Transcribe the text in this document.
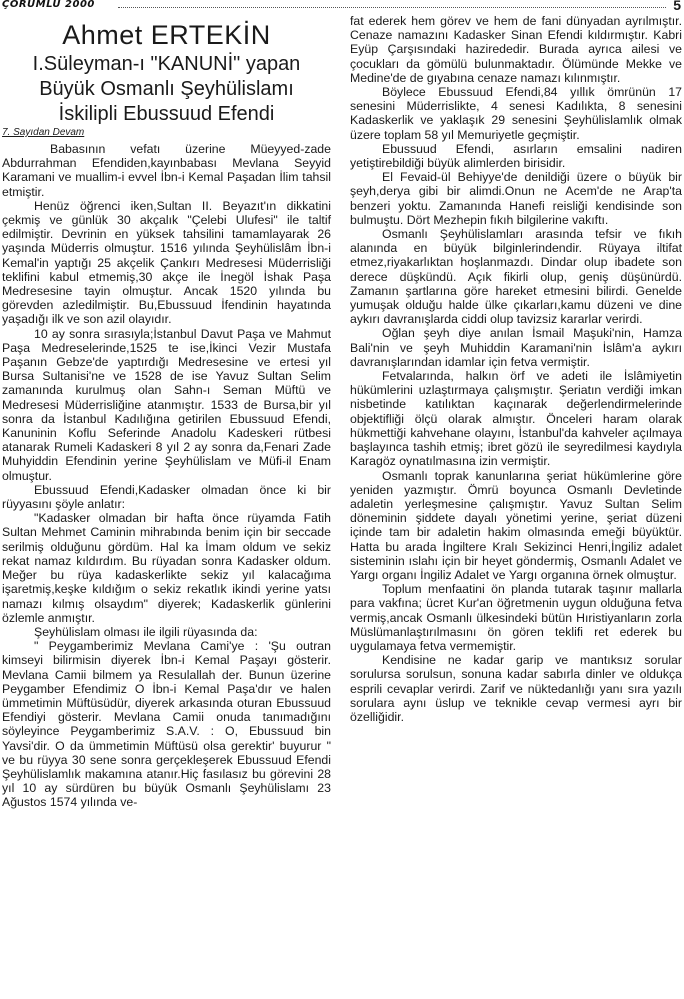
ÇORUMLU 2000	5
Ahmet ERTEKİN
I.Süleyman-ı "KANUNİ" yapan
Büyük Osmanlı Şeyhülislamı
İskilipli Ebussuud Efendi
7. Sayıdan Devam

Babasının vefatı üzerine Müeyyed-zade Abdurrahman Efendiden,kayınbabası Mevlana Seyyid Karamani ve muallim-i evvel İbn-i Kemal Paşadan İlim tahsil etmiştir.

Henüz öğrenci iken,Sultan II. Beyazıt'ın dikkatini çekmiş ve günlük 30 akçalık "Çelebi Ulufesi" ile taltif edilmiştir. Devrinin en yüksek tahsilini tamamlayarak 26 yaşında Müderris olmuştur. 1516 yılında Şeyhülislâm İbn-i Kemal'in yaptığı 25 akçelik Çankırı Medresesi Müderrisliği teklifini kabul etmemiş,30 akçe ile İnegöl İshak Paşa Medresesine tayin olmuştur. Ancak 1520 yılında bu görevden azledilmiştir. Bu,Ebussuud İfendinin hayatında yaşadığı ilk ve son azil olayıdır.

10 ay sonra sırasıyla;İstanbul Davut Paşa ve Mahmut Paşa Medreselerinde,1525 te ise,İkinci Vezir Mustafa Paşanın Gebze'de yaptırdığı Medresesine ve ertesi yıl Bursa Sultanisi'ne ve 1528 de ise Yavuz Sultan Selim zamanında kurulmuş olan Sahn-ı Seman Müftü ve Medresesi Müderrisliğine atanmıştır. 1533 de Bursa,bir yıl sonra da İstanbul Kadılığına getirilen Ebussuud Efendi, Kanuninin Koflu Seferinde Anadolu Kadeskeri rütbesi atanarak Rumeli Kadaskeri 8 yıl 2 ay sonra da,Fenari Zade Muhyiddin Efendinin yerine Şeyhülislam ve Müfi-il Enam olmuştur.

Ebussuud Efendi,Kadasker olmadan önce ki bir rüyyasını şöyle anlatır:

"Kadasker olmadan bir hafta önce rüyamda Fatih Sultan Mehmet Caminin mihrabında benim için bir seccade serilmiş olduğunu gördüm. Hal ka İmam oldum ve sekiz rekat namaz kıldırdım. Bu rüyadan sonra Kadasker oldum. Meğer bu rüya kadaskerlikte sekiz yıl kalacağıma işaretmiş,keşke kıldığım o sekiz rekatlık ikindi yerine yatsı namazı kılmış olsaydım" diyerek; Kadaskerlik günlerini özlemle anmıştır.

Şeyhülislam olması ile ilgili rüyasında da:

" Peygamberimiz Mevlana Cami'ye : 'Şu outran kimseyi bilirmisin diyerek İbn-i Kemal Paşayı gösterir. Mevlana Camii bilmem ya Resulallah der. Bunun üzerine Peygamber Efendimiz O İbn-i Kemal Paşa'dır ve halen ümmetimin Müftüsüdür, diyerek arkasında oturan Ebussuud Efendiyi gösterir. Mevlana Camii onuda tanımadığını söyleyince Peygamberimiz S.A.V. : O, Ebussuud bin Yavsi'dir. O da ümmetimin Müftüsü olsa gerektir' buyurur " ve bu rüyya 30 sene sonra gerçekleşerek Ebussuud Efendi Şeyhülislamlık makamına atanır.Hiç fasılasız bu görevini 28 yıl 10 ay sürdüren bu büyük Osmanlı Şeyhülislamı 23 Ağustos 1574 yılında ve-

fat ederek hem görev ve hem de fani dünyadan ayrılmıştır. Cenaze namazını Kadasker Sinan Efendi kıldırmıştır. Kabri Eyüp Çarşısındaki hazirededir. Burada ayrıca ailesi ve çocukları da gömülü bulunmaktadır. Ölümünde Mekke ve Medine'de de gıyabına cenaze namazı kılınmıştır.

Böylece Ebussuud Efendi,84 yıllık ömrünün 17 senesini Müderrislikte, 4 senesi Kadılıkta, 8 senesini Kadaskerlik ve yaklaşık 29 senesini Şeyhülislamlık olmak üzere toplam 58 yıl Memuriyetle geçmiştir.

Ebussuud Efendi, asırların emsalini nadiren yetiştirebildiği büyük alimlerden birisidir.

El Fevaid-ül Behiyye'de denildiği üzere o büyük bir şeyh,derya gibi bir alimdi.Onun ne Acem'de ne Arap'ta benzeri yoktu. Zamanında Hanefi reisliği kendisinde son bulmuştu. Dört Mezhepin fıkıh bilgilerine vakıftı.

Osmanlı Şeyhülislamları arasında tefsir ve fıkıh alanında en büyük bilginlerindendir. Rüyaya iltifat etmez,riyakarlıktan hoşlanmazdı. Dindar olup ibadete son derece düşkündü. Açık fikirli olup, geniş düşünürdü. Zamanın şartlarına göre hareket etmesini bilirdi. Genelde yumuşak olduğu halde ülke çıkarları,kamu düzeni ve dine aykırı davranışlarda ciddi olup tavizsiz kararlar verirdi.

Oğlan şeyh diye anılan İsmail Maşuki'nin, Hamza Bali'nin ve şeyh Muhiddin Karamani'nin İslâm'a aykırı davranışlarından idamlar için fetva vermiştir.

Fetvalarında, halkın örf ve adeti ile İslâmiyetin hükümlerini uzlaştırmaya çalışmıştır. Şeriatın verdiği imkan nisbetinde katılıktan kaçınarak değerlendirmelerinde objektifliği ölçü olarak almıştır. Önceleri haram olarak hükmettiği kahvehane olayını, İstanbul'da kahveler açılmaya başlayınca tashih etmiş; ibret gözü ile seyredilmesi kaydıyla Karagöz oynatılmasına izin vermiştir.

Osmanlı toprak kanunlarına şeriat hükümlerine göre yeniden yazmıştır. Ömrü boyunca Osmanlı Devletinde adaletin yerleşmesine çalışmıştır. Yavuz Sultan Selim döneminin şiddete dayalı yönetimi yerine, şeriat düzeni içinde tam bir adaletin hakim olmasında emeği büyüktür. Hatta bu arada İngiltere Kralı Sekizinci Henri,İngiliz adalet sisteminin ıslahı için bir heyet göndermiş, Osmanlı Adalet ve Yargı organı İngiliz Adalet ve Yargı organına örnek olmuştur.

Toplum menfaatini ön planda tutarak taşınır mallarla para vakfına; ücret Kur'an öğretmenin uygun olduğuna fetva vermiş,ancak Osmanlı ülkesindeki bütün Hıristiyanların zorla Müslümanlaştırılmasını ön gören teklifi ret ederek bu uygulamaya fetva vermemiştir.

Kendisine ne kadar garip ve mantıksız sorular sorulursa sorulsun, sonuna kadar sabırla dinler ve oldukça esprili cevaplar verirdi. Zarif ve nüktedanlığı yanı sıra yazılı sorulara aynı üslup ve teknikle cevap vermesi ayrı bir özelliğidir.
